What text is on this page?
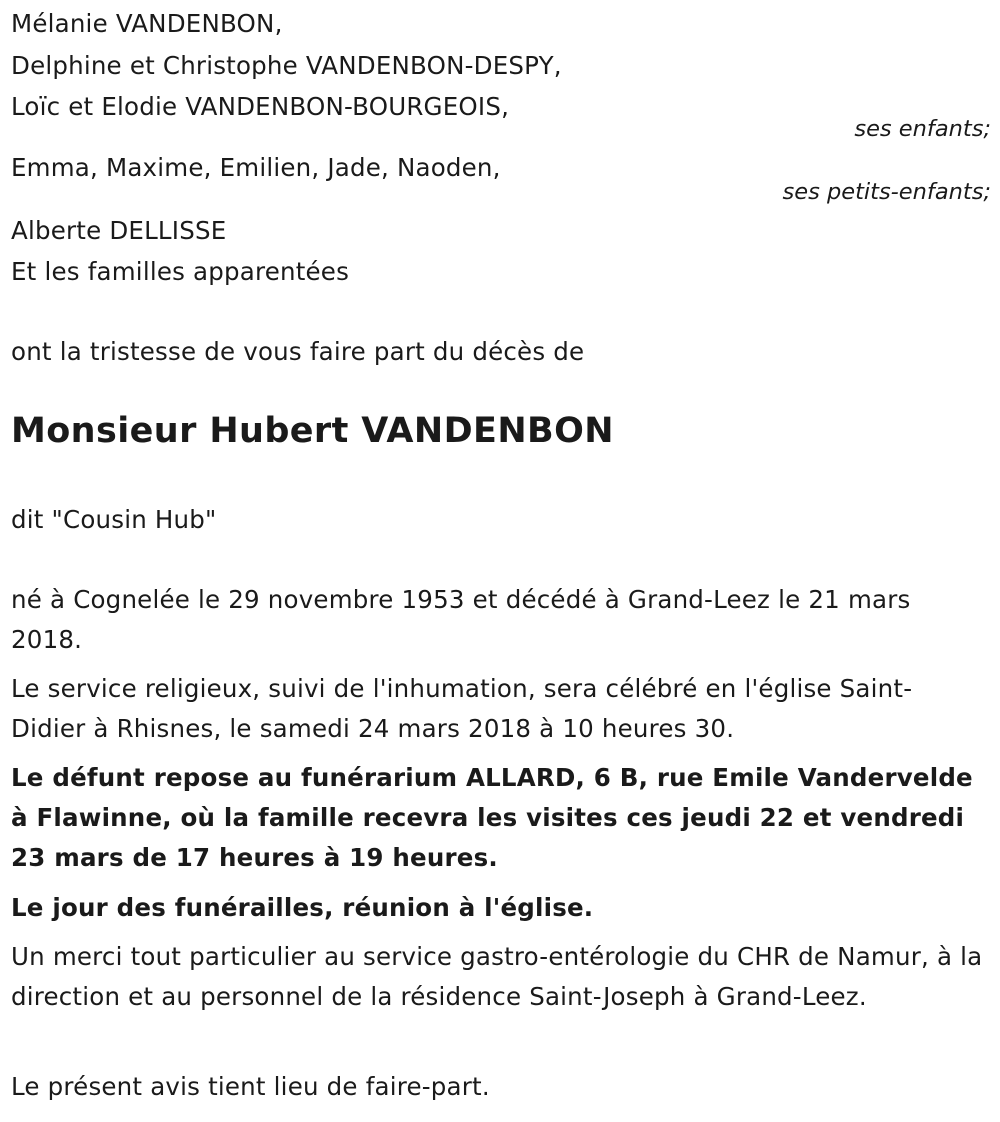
Mélanie VANDENBON,
Delphine et Christophe VANDENBON-DESPY,
Loïc et Elodie VANDENBON-BOURGEOIS,
ses enfants;
Emma, Maxime, Emilien, Jade, Naoden,
ses petits-enfants;
Alberte DELLISSE
Et les familles apparentées
ont la tristesse de vous faire part du décès de
Monsieur Hubert VANDENBON
dit "Cousin Hub"
né à Cognelée le 29 novembre 1953 et décédé à Grand-Leez le 21 mars 2018.
Le service religieux, suivi de l'inhumation, sera célébré en l'église Saint-Didier à Rhisnes, le samedi 24 mars 2018 à 10 heures 30.
Le défunt repose au funérarium ALLARD, 6 B, rue Emile Vandervelde à Flawinne, où la famille recevra les visites ces jeudi 22 et vendredi 23 mars de 17 heures à 19 heures.
Le jour des funérailles, réunion à l'église.
Un merci tout particulier au service gastro-entérologie du CHR de Namur, à la direction et au personnel de la résidence Saint-Joseph à Grand-Leez.
Le présent avis tient lieu de faire-part.
